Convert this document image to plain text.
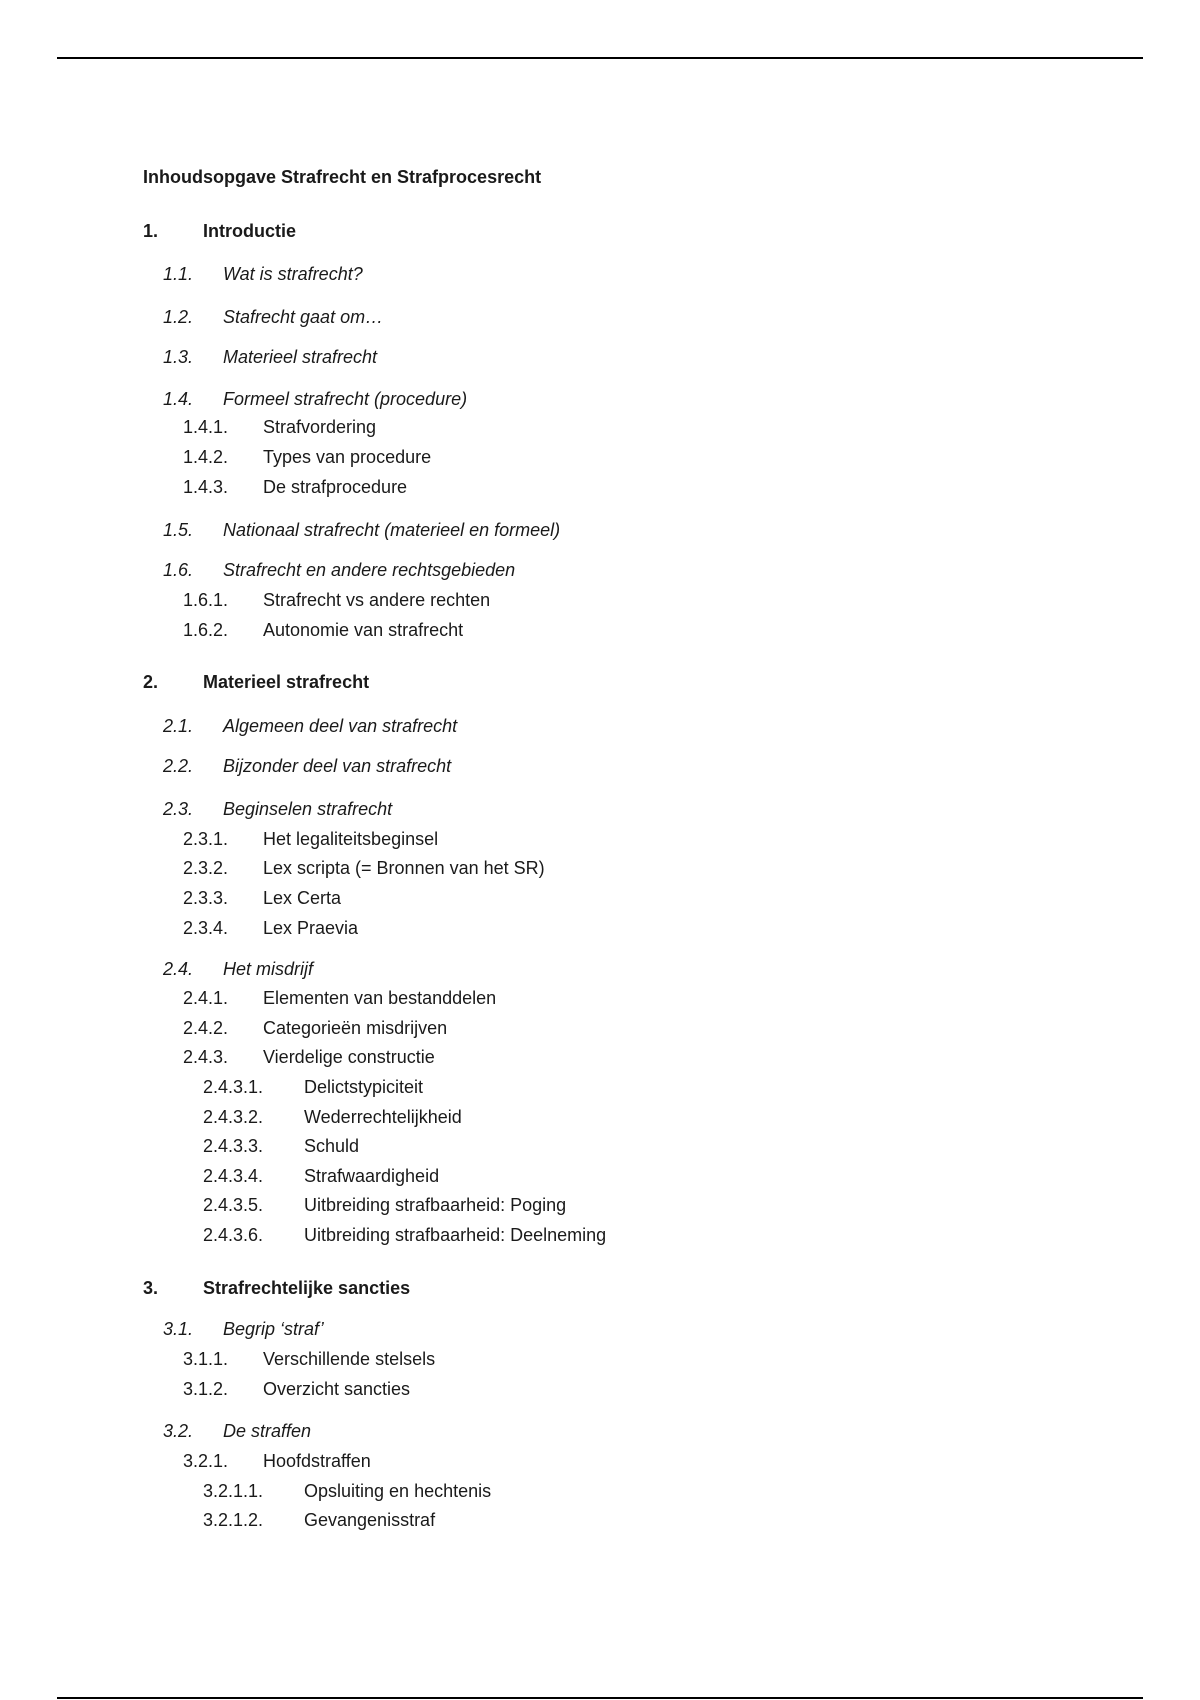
Inhoudsopgave Strafrecht en Strafprocesrecht
1. Introductie
1.1. Wat is strafrecht?
1.2. Stafrecht gaat om…
1.3. Materieel strafrecht
1.4. Formeel strafrecht (procedure)
1.4.1. Strafvordering
1.4.2. Types van procedure
1.4.3. De strafprocedure
1.5. Nationaal strafrecht (materieel en formeel)
1.6. Strafrecht en andere rechtsgebieden
1.6.1. Strafrecht vs andere rechten
1.6.2. Autonomie van strafrecht
2. Materieel strafrecht
2.1. Algemeen deel van strafrecht
2.2. Bijzonder deel van strafrecht
2.3. Beginselen strafrecht
2.3.1. Het legaliteitsbeginsel
2.3.2. Lex scripta (= Bronnen van het SR)
2.3.3. Lex Certa
2.3.4. Lex Praevia
2.4. Het misdrijf
2.4.1. Elementen van bestanddelen
2.4.2. Categorieën misdrijven
2.4.3. Vierdelige constructie
2.4.3.1. Delictstypiciteit
2.4.3.2. Wederrechtelijkheid
2.4.3.3. Schuld
2.4.3.4. Strafwaardigheid
2.4.3.5. Uitbreiding strafbaarheid: Poging
2.4.3.6. Uitbreiding strafbaarheid: Deelneming
3. Strafrechtelijke sancties
3.1. Begrip ‘straf’
3.1.1. Verschillende stelsels
3.1.2. Overzicht sancties
3.2. De straffen
3.2.1. Hoofdstraffen
3.2.1.1. Opsluiting en hechtenis
3.2.1.2. Gevangenisstraf
